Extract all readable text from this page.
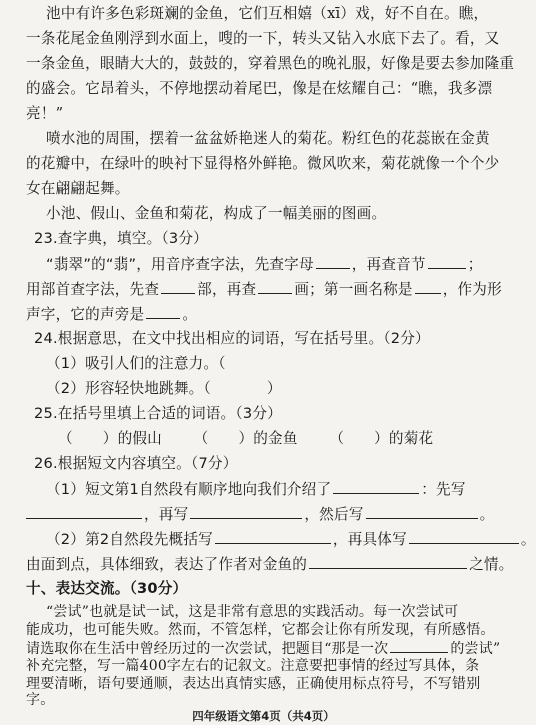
池中有许多色彩斑斓的金鱼，它们互相嬉（xī）戏，好不自在。瞧，
一条花尾金鱼刚浮到水面上，嗖的一下，转头又钻入水底下去了。看，又
一条金鱼，眼睛大大的，鼓鼓的，穿着黑色的晚礼服，好像是要去参加隆重
的盛会。它昂着头，不停地摆动着尾巴，像是在炫耀自己：“瞧，我多漂
亮！”
喷水池的周围，摆着一盆盆娇艳迷人的菊花。粉红色的花蕊嵌在金黄
的花瓣中，在绿叶的映衬下显得格外鲜艳。微风吹来，菊花就像一个个少
女在翩翩起舞。
小池、假山、金鱼和菊花，构成了一幅美丽的图画。
23.查字典，填空。（3分）
“翡翠”的“翡”，用音序查字法，先查字母	，再查音节	；
用部首查字法，先查	部，再查	画；第一画名称是 ，作为形
声字，它的声旁是	。
24.根据意思，在文中找出相应的词语，写在括号里。（2分）
（1）吸引人们的注意力。（
（2）形容轻快地跳舞。（	）
25.在括号里填上合适的词语。（3分）
（ ）的假山 （ ）的金鱼 （ ）的菊花
26.根据短文内容填空。（7分）
（1）短文第1自然段有顺序地向我们介绍了	：先写
，再写	，然后写	。
（2）第2自然段先概括写	，再具体写	。
由面到点，具体细致，表达了作者对金鱼的	之情。
十、表达交流。（30分）
四年级语文第4页（共4页）
“尝试”也就是试一试，这是非常有意思的实践活动。每一次尝试可
能成功，也可能失败。然而，不管怎样，它都会让你有所发现，有所感悟。
请选取你在生活中曾经历过的一次尝试，把题目“那是一次	的尝试”
补充完整，写一篇400字左右的记叙文。注意要把事情的经过写具体，条
理要清晰，语句要通顺，表达出真情实感，正确使用标点符号，不写错别
字。
